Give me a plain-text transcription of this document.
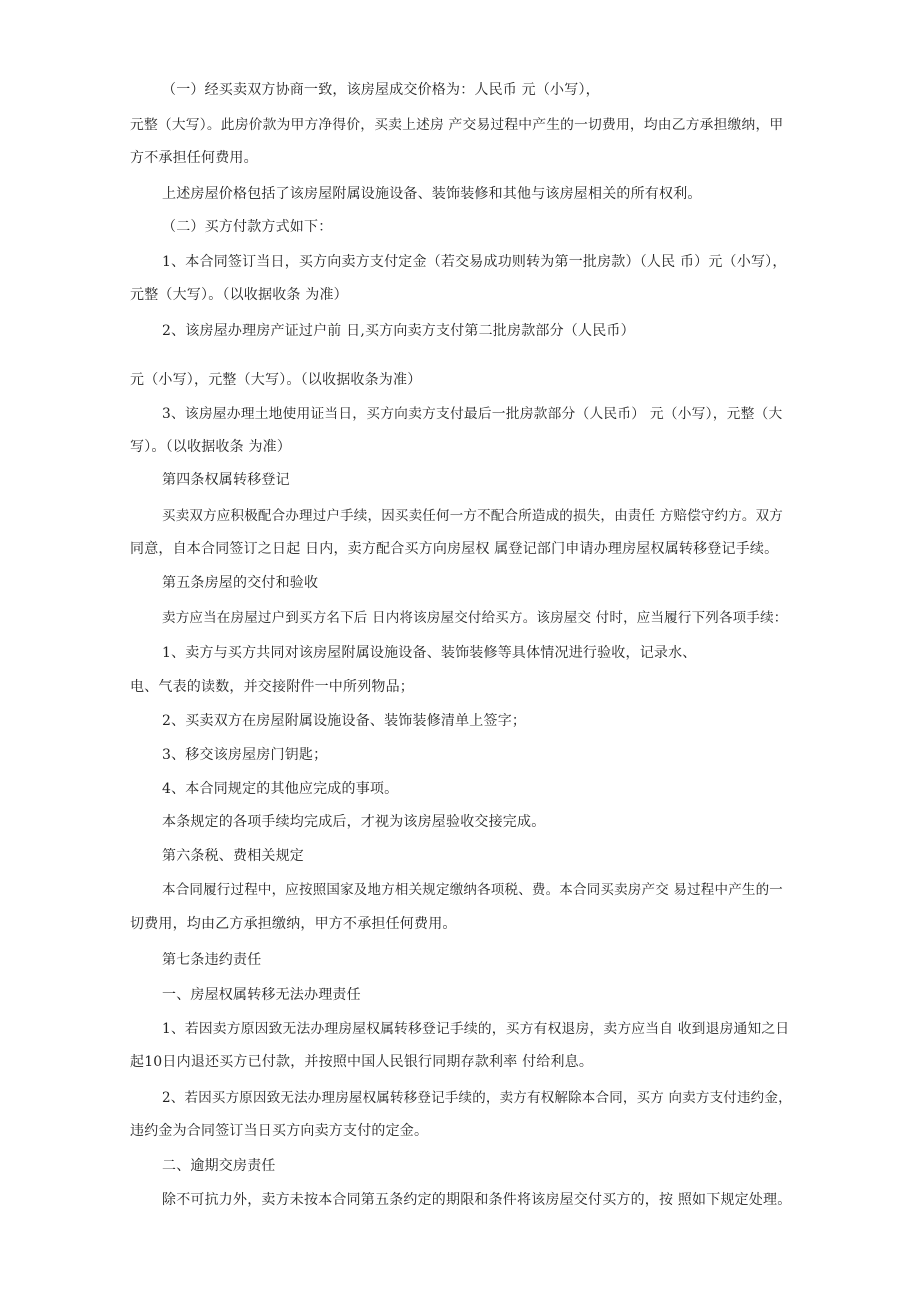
（一）经买卖双方协商一致，该房屋成交价格为：人民币 元（小写），
元整（大写）。此房价款为甲方净得价，买卖上述房 产交易过程中产生的一切费用，均由乙方承担缴纳，甲
方不承担任何费用。
上述房屋价格包括了该房屋附属设施设备、装饰装修和其他与该房屋相关的所有权利。
（二）买方付款方式如下：
1、本合同签订当日，买方向卖方支付定金（若交易成功则转为第一批房款）（人民 币）元（小写），
元整（大写）。（以收据收条 为准）
2、该房屋办理房产证过户前 日,买方向卖方支付第二批房款部分（人民币）
元（小写），元整（大写）。（以收据收条为准）
3、该房屋办理土地使用证当日，买方向卖方支付最后一批房款部分（人民币） 元（小写），元整（大
写）。（以收据收条 为准）
第四条权属转移登记
买卖双方应积极配合办理过户手续，因买卖任何一方不配合所造成的损失，由责任 方赔偿守约方。双方
同意，自本合同签订之日起 日内，卖方配合买方向房屋权 属登记部门申请办理房屋权属转移登记手续。
第五条房屋的交付和验收
卖方应当在房屋过户到买方名下后 日内将该房屋交付给买方。该房屋交 付时，应当履行下列各项手续：
1、卖方与买方共同对该房屋附属设施设备、装饰装修等具体情况进行验收，记录水、
电、气表的读数，并交接附件一中所列物品；
2、买卖双方在房屋附属设施设备、装饰装修清单上签字；
3、移交该房屋房门钥匙；
4、本合同规定的其他应完成的事项。
本条规定的各项手续均完成后，才视为该房屋验收交接完成。
第六条税、费相关规定
本合同履行过程中，应按照国家及地方相关规定缴纳各项税、费。本合同买卖房产交 易过程中产生的一
切费用，均由乙方承担缴纳，甲方不承担任何费用。
第七条违约责任
一、房屋权属转移无法办理责任
1、若因卖方原因致无法办理房屋权属转移登记手续的，买方有权退房，卖方应当自 收到退房通知之日
起10日内退还买方已付款，并按照中国人民银行同期存款利率 付给利息。
2、若因买方原因致无法办理房屋权属转移登记手续的，卖方有权解除本合同，买方 向卖方支付违约金，
违约金为合同签订当日买方向卖方支付的定金。
二、逾期交房责任
除不可抗力外，卖方未按本合同第五条约定的期限和条件将该房屋交付买方的，按 照如下规定处理。
